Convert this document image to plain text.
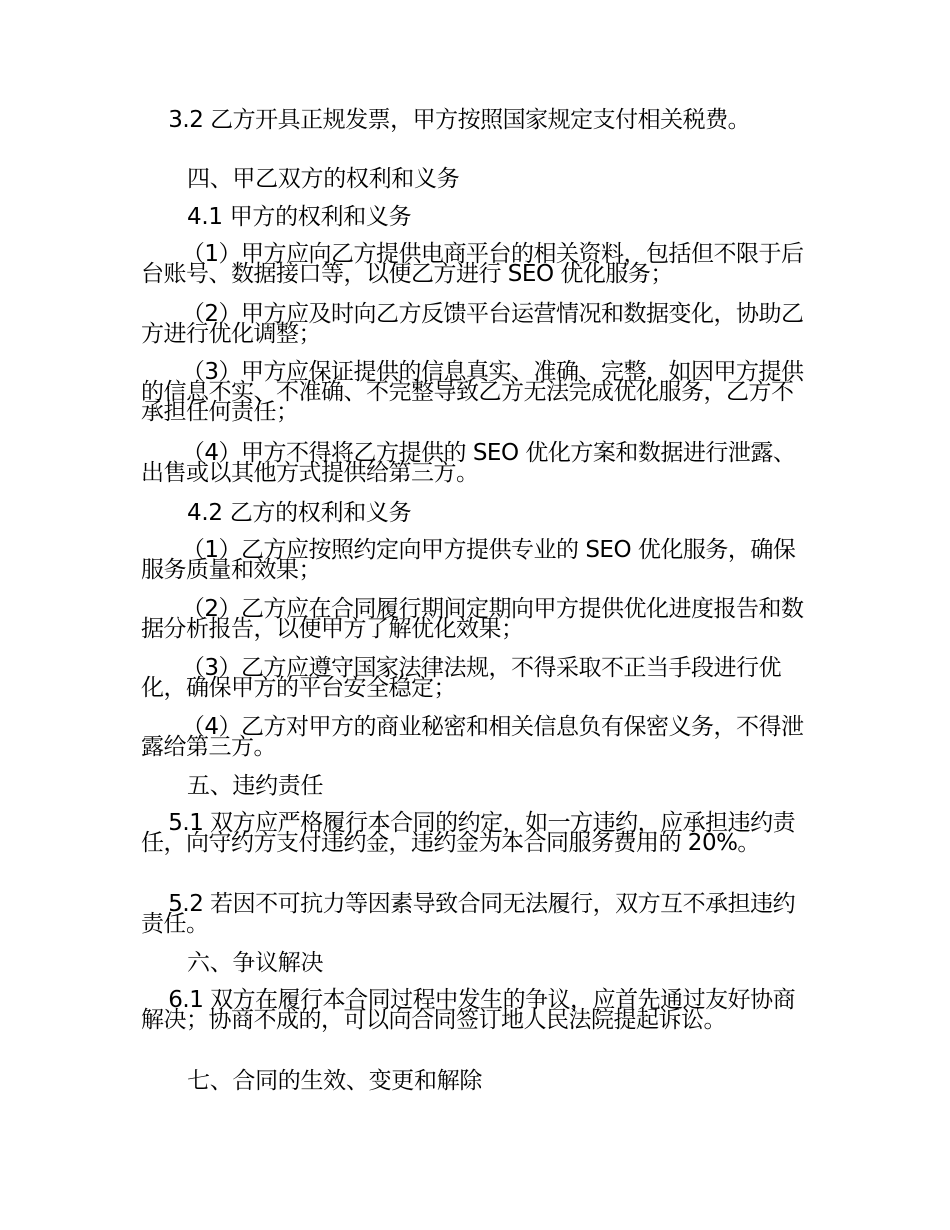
3.2 乙方开具正规发票，甲方按照国家规定支付相关税费。

四、甲乙双方的权利和义务

4.1 甲方的权利和义务

（1）甲方应向乙方提供电商平台的相关资料，包括但不限于后台账号、数据接口等，以便乙方进行 SEO 优化服务；

（2）甲方应及时向乙方反馈平台运营情况和数据变化，协助乙方进行优化调整；

（3）甲方应保证提供的信息真实、准确、完整，如因甲方提供的信息不实、不准确、不完整导致乙方无法完成优化服务，乙方不承担任何责任；

（4）甲方不得将乙方提供的 SEO 优化方案和数据进行泄露、出售或以其他方式提供给第三方。

4.2 乙方的权利和义务

（1）乙方应按照约定向甲方提供专业的 SEO 优化服务，确保服务质量和效果；

（2）乙方应在合同履行期间定期向甲方提供优化进度报告和数据分析报告，以便甲方了解优化效果；

（3）乙方应遵守国家法律法规，不得采取不正当手段进行优化，确保甲方的平台安全稳定；

（4）乙方对甲方的商业秘密和相关信息负有保密义务，不得泄露给第三方。

五、违约责任

5.1 双方应严格履行本合同的约定，如一方违约，应承担违约责任，向守约方支付违约金，违约金为本合同服务费用的 20%。

5.2 若因不可抗力等因素导致合同无法履行，双方互不承担违约责任。

六、争议解决

6.1 双方在履行本合同过程中发生的争议，应首先通过友好协商解决；协商不成的，可以向合同签订地人民法院提起诉讼。

七、合同的生效、变更和解除
